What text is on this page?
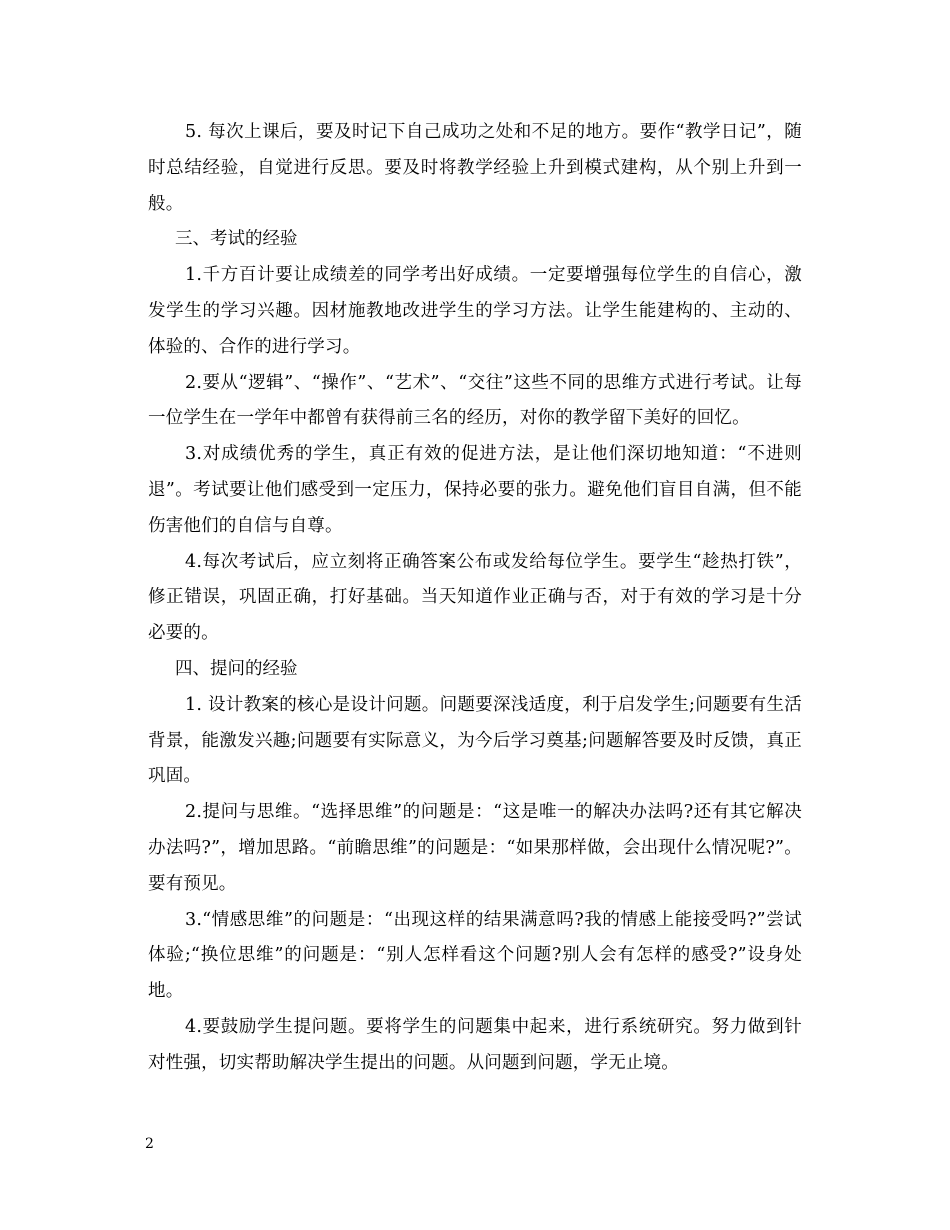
5. 每次上课后，要及时记下自己成功之处和不足的地方。要作“教学日记”，随时总结经验，自觉进行反思。要及时将教学经验上升到模式建构，从个别上升到一般。

三、考试的经验

1.千方百计要让成绩差的同学考出好成绩。一定要增强每位学生的自信心，激发学生的学习兴趣。因材施教地改进学生的学习方法。让学生能建构的、主动的、体验的、合作的进行学习。

2.要从“逻辑”、“操作”、“艺术”、“交往”这些不同的思维方式进行考试。让每一位学生在一学年中都曾有获得前三名的经历，对你的教学留下美好的回忆。

3.对成绩优秀的学生，真正有效的促进方法，是让他们深切地知道：“不进则退”。考试要让他们感受到一定压力，保持必要的张力。避免他们盲目自满，但不能伤害他们的自信与自尊。

4.每次考试后，应立刻将正确答案公布或发给每位学生。要学生“趁热打铁”，修正错误，巩固正确，打好基础。当天知道作业正确与否，对于有效的学习是十分必要的。

四、提问的经验

1. 设计教案的核心是设计问题。问题要深浅适度，利于启发学生;问题要有生活背景，能激发兴趣;问题要有实际意义，为今后学习奠基;问题解答要及时反馈，真正巩固。

2.提问与思维。“选择思维”的问题是：“这是唯一的解决办法吗?还有其它解决办法吗?”，增加思路。“前瞻思维”的问题是：“如果那样做，会出现什么情况呢?”。要有预见。

3.“情感思维”的问题是：“出现这样的结果满意吗?我的情感上能接受吗?”尝试体验;“换位思维”的问题是：“别人怎样看这个问题?别人会有怎样的感受?”设身处地。

4.要鼓励学生提问题。要将学生的问题集中起来，进行系统研究。努力做到针对性强，切实帮助解决学生提出的问题。从问题到问题，学无止境。

2
